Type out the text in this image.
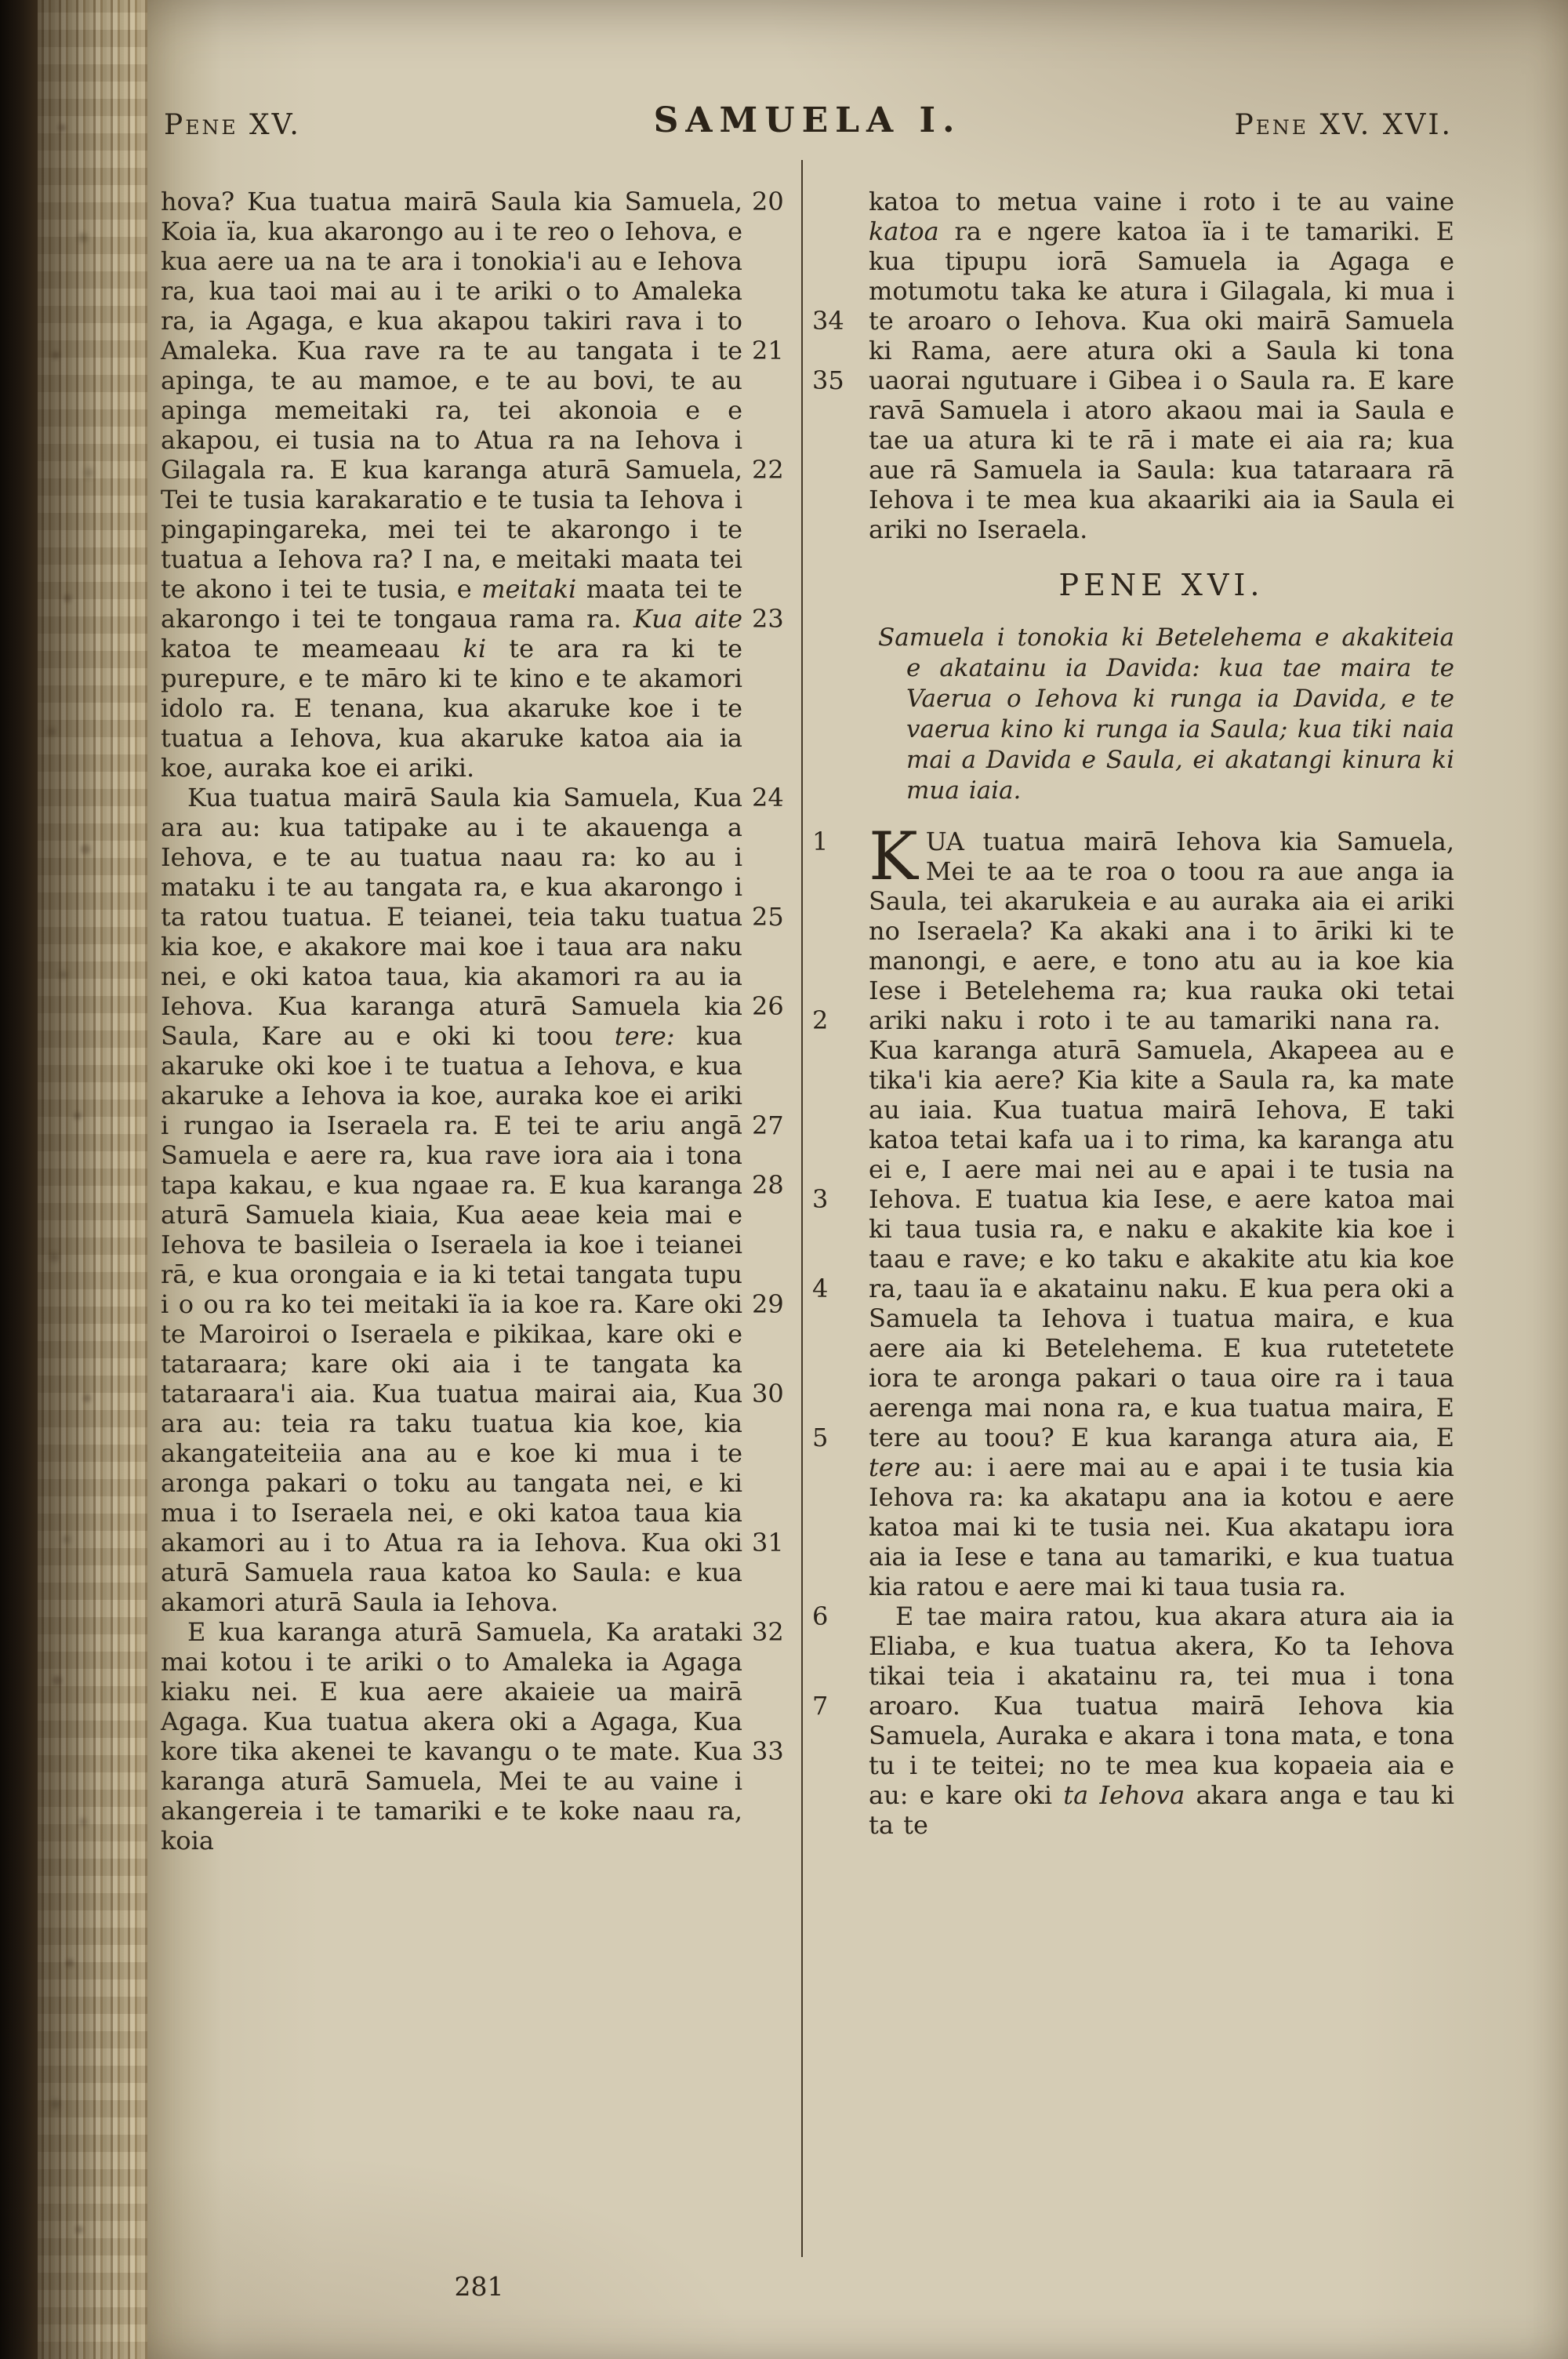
Pene XV.	SAMUELA I.	Pene XV. XVI.

hova? Kua tuatua mairā Saula kia Samuela, Koia ïa, kua akarongo au i te reo o Iehova, e kua aere ua na te ara i tonokia'i au e Iehova ra, kua taoi mai au i te ariki o to Amaleka ra, ia Agaga, e kua akapou takiri rava i to Amaleka. Kua rave ra te au tangata i te apinga, te au mamoe, e te au bovi, te au apinga memeitaki ra, tei akonoia e e akapou, ei tusia na to Atua ra na Iehova i Gilagala ra. E kua karanga aturā Samuela, Tei te tusia karakaratio e te tusia ta Iehova i pingapingareka, mei tei te akarongo i te tuatua a Iehova ra? I na, e meitaki maata tei te akono i tei te tusia, e meitaki maata tei te akarongo i tei te tongaua rama ra. Kua aite katoa te meameaau ki te ara ra ki te purepure, e te māro ki te kino e te akamori idolo ra. E tenana, kua akaruke koe i te tuatua a Iehova, kua akaruke katoa aia ia koe, auraka koe ei ariki.

Kua tuatua mairā Saula kia Samuela, Kua ara au: kua tatipake au i te akauenga a Iehova, e te au tuatua naau ra: ko au i mataku i te au tangata ra, e kua akarongo i ta ratou tuatua. E teianei, teia taku tuatua kia koe, e akakore mai koe i taua ara naku nei, e oki katoa taua, kia akamori ra au ia Iehova. Kua karanga aturā Samuela kia Saula, Kare au e oki ki toou tere: kua akaruke oki koe i te tuatua a Iehova, e kua akaruke a Iehova ia koe, auraka koe ei ariki i rungao ia Iseraela ra. E tei te ariu angā Samuela e aere ra, kua rave iora aia i tona tapa kakau, e kua ngaae ra. E kua karanga aturā Samuela kiaia, Kua aeae keia mai e Iehova te basileia o Iseraela ia koe i teianei rā, e kua orongaia e ia ki tetai tangata tupu i o ou ra ko tei meitaki ïa ia koe ra. Kare oki te Maroiroi o Iseraela e pikikaa, kare oki e tataraara; kare oki aia i te tangata ka tataraara'i aia. Kua tuatua mairai aia, Kua ara au: teia ra taku tuatua kia koe, kia akangateiteiia ana au e koe ki mua i te aronga pakari o toku au tangata nei, e ki mua i to Iseraela nei, e oki katoa taua kia akamori au i to Atua ra ia Iehova. Kua oki aturā Samuela raua katoa ko Saula: e kua akamori aturā Saula ia Iehova.

E kua karanga aturā Samuela, Ka arataki mai kotou i te ariki o to Amaleka ia Agaga kiaku nei. E kua aere akaieie ua mairā Agaga. Kua tuatua akera oki a Agaga, Kua kore tika akenei te kavangu o te mate. Kua karanga aturā Samuela, Mei te au vaine i akangereia i te tamariki e te koke naau ra, koia

20
21
22
23
24
25
26
27
28
29
30
31
32
33

katoa to metua vaine i roto i te au vaine katoa ra e ngere katoa ïa i te tamariki. E kua tipupu iorā Samuela ia Agaga e motumotu taka ke atura i Gilagala, ki mua i te aroaro o Iehova. Kua oki mairā Samuela ki Rama, aere atura oki a Saula ki tona uaorai ngutuare i Gibea i o Saula ra. E kare ravā Samuela i atoro akaou mai ia Saula e tae ua atura ki te rā i mate ei aia ra; kua aue rā Samuela ia Saula: kua tataraara rā Iehova i te mea kua akaariki aia ia Saula ei ariki no Iseraela.

PENE XVI.

Samuela i tonokia ki Betelehema e akakiteia e akatainu ia Davida: kua tae maira te Vaerua o Iehova ki runga ia Davida, e te vaerua kino ki runga ia Saula; kua tiki naia mai a Davida e Saula, ei akatangi kinura ki mua iaia.

KUA tuatua mairā Iehova kia Samuela, Mei te aa te roa o toou ra aue anga ia Saula, tei akarukeia e au auraka aia ei ariki no Iseraela? Ka akaki ana i to āriki ki te manongi, e aere, e tono atu au ia koe kia Iese i Betelehema ra; kua rauka oki tetai ariki naku i roto i te au tamariki nana ra. Kua karanga aturā Samuela, Akapeea au e tika'i kia aere? Kia kite a Saula ra, ka mate au iaia. Kua tuatua mairā Iehova, E taki katoa tetai kafa ua i to rima, ka karanga atu ei e, I aere mai nei au e apai i te tusia na Iehova. E tuatua kia Iese, e aere katoa mai ki taua tusia ra, e naku e akakite kia koe i taau e rave; e ko taku e akakite atu kia koe ra, taau ïa e akatainu naku. E kua pera oki a Samuela ta Iehova i tuatua maira, e kua aere aia ki Betelehema. E kua rutetetete iora te aronga pakari o taua oire ra i taua aerenga mai nona ra, e kua tuatua maira, E tere au toou? E kua karanga atura aia, E tere au: i aere mai au e apai i te tusia kia Iehova ra: ka akatapu ana ia kotou e aere katoa mai ki te tusia nei. Kua akatapu iora aia ia Iese e tana au tamariki, e kua tuatua kia ratou e aere mai ki taua tusia ra.

E tae maira ratou, kua akara atura aia ia Eliaba, e kua tuatua akera, Ko ta Iehova tikai teia i akatainu ra, tei mua i tona aroaro. Kua tuatua mairā Iehova kia Samuela, Auraka e akara i tona mata, e tona tu i te teitei; no te mea kua kopaeia aia e au: e kare oki ta Iehova akara anga e tau ki ta te

34
35
1
2
3
4
5
6
7
281
